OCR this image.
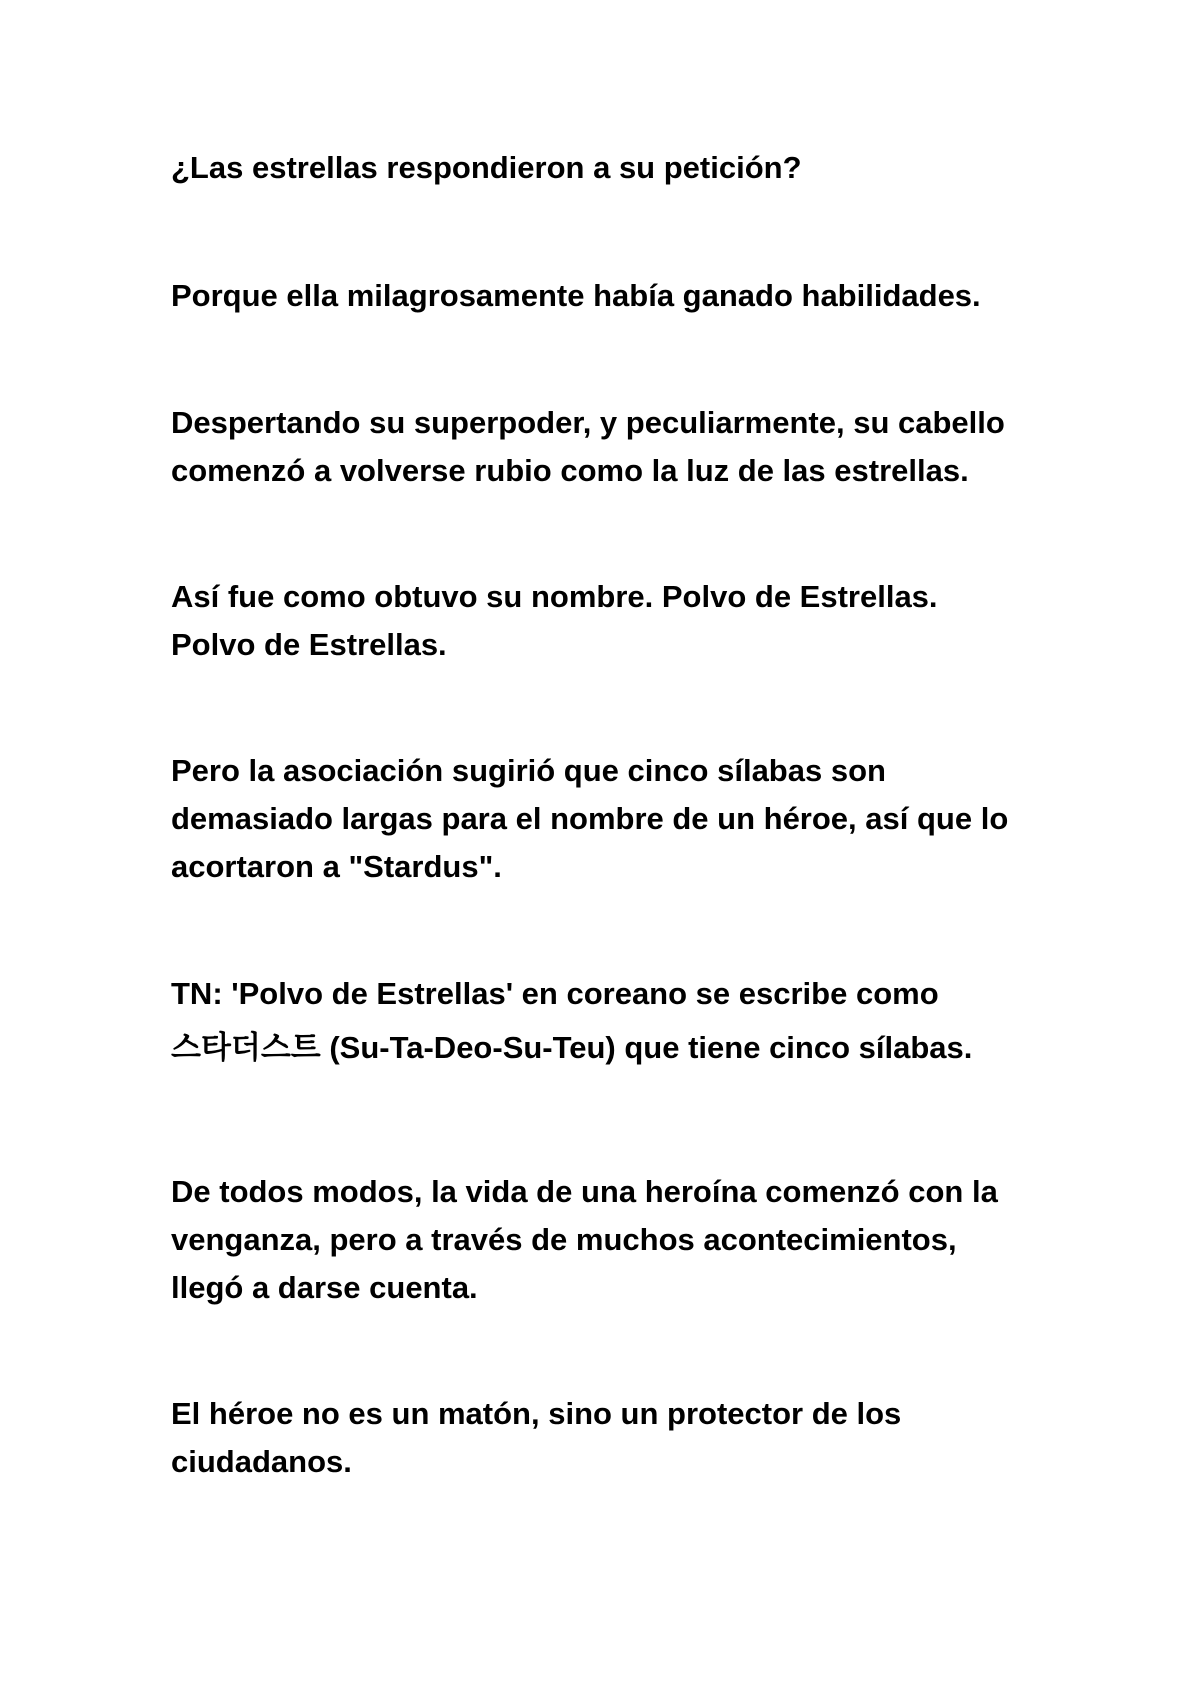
¿Las estrellas respondieron a su petición?

Porque ella milagrosamente había ganado habilidades.

Despertando su superpoder, y peculiarmente, su cabello
comenzó a volverse rubio como la luz de las estrellas.

Así fue como obtuvo su nombre. Polvo de Estrellas.
Polvo de Estrellas.

Pero la asociación sugirió que cinco sílabas son
demasiado largas para el nombre de un héroe, así que lo
acortaron a "Stardus".

TN: 'Polvo de Estrellas' en coreano se escribe como
스타더스트 (Su-Ta-Deo-Su-Teu) que tiene cinco sílabas.

De todos modos, la vida de una heroína comenzó con la
venganza, pero a través de muchos acontecimientos,
llegó a darse cuenta.

El héroe no es un matón, sino un protector de los
ciudadanos.
